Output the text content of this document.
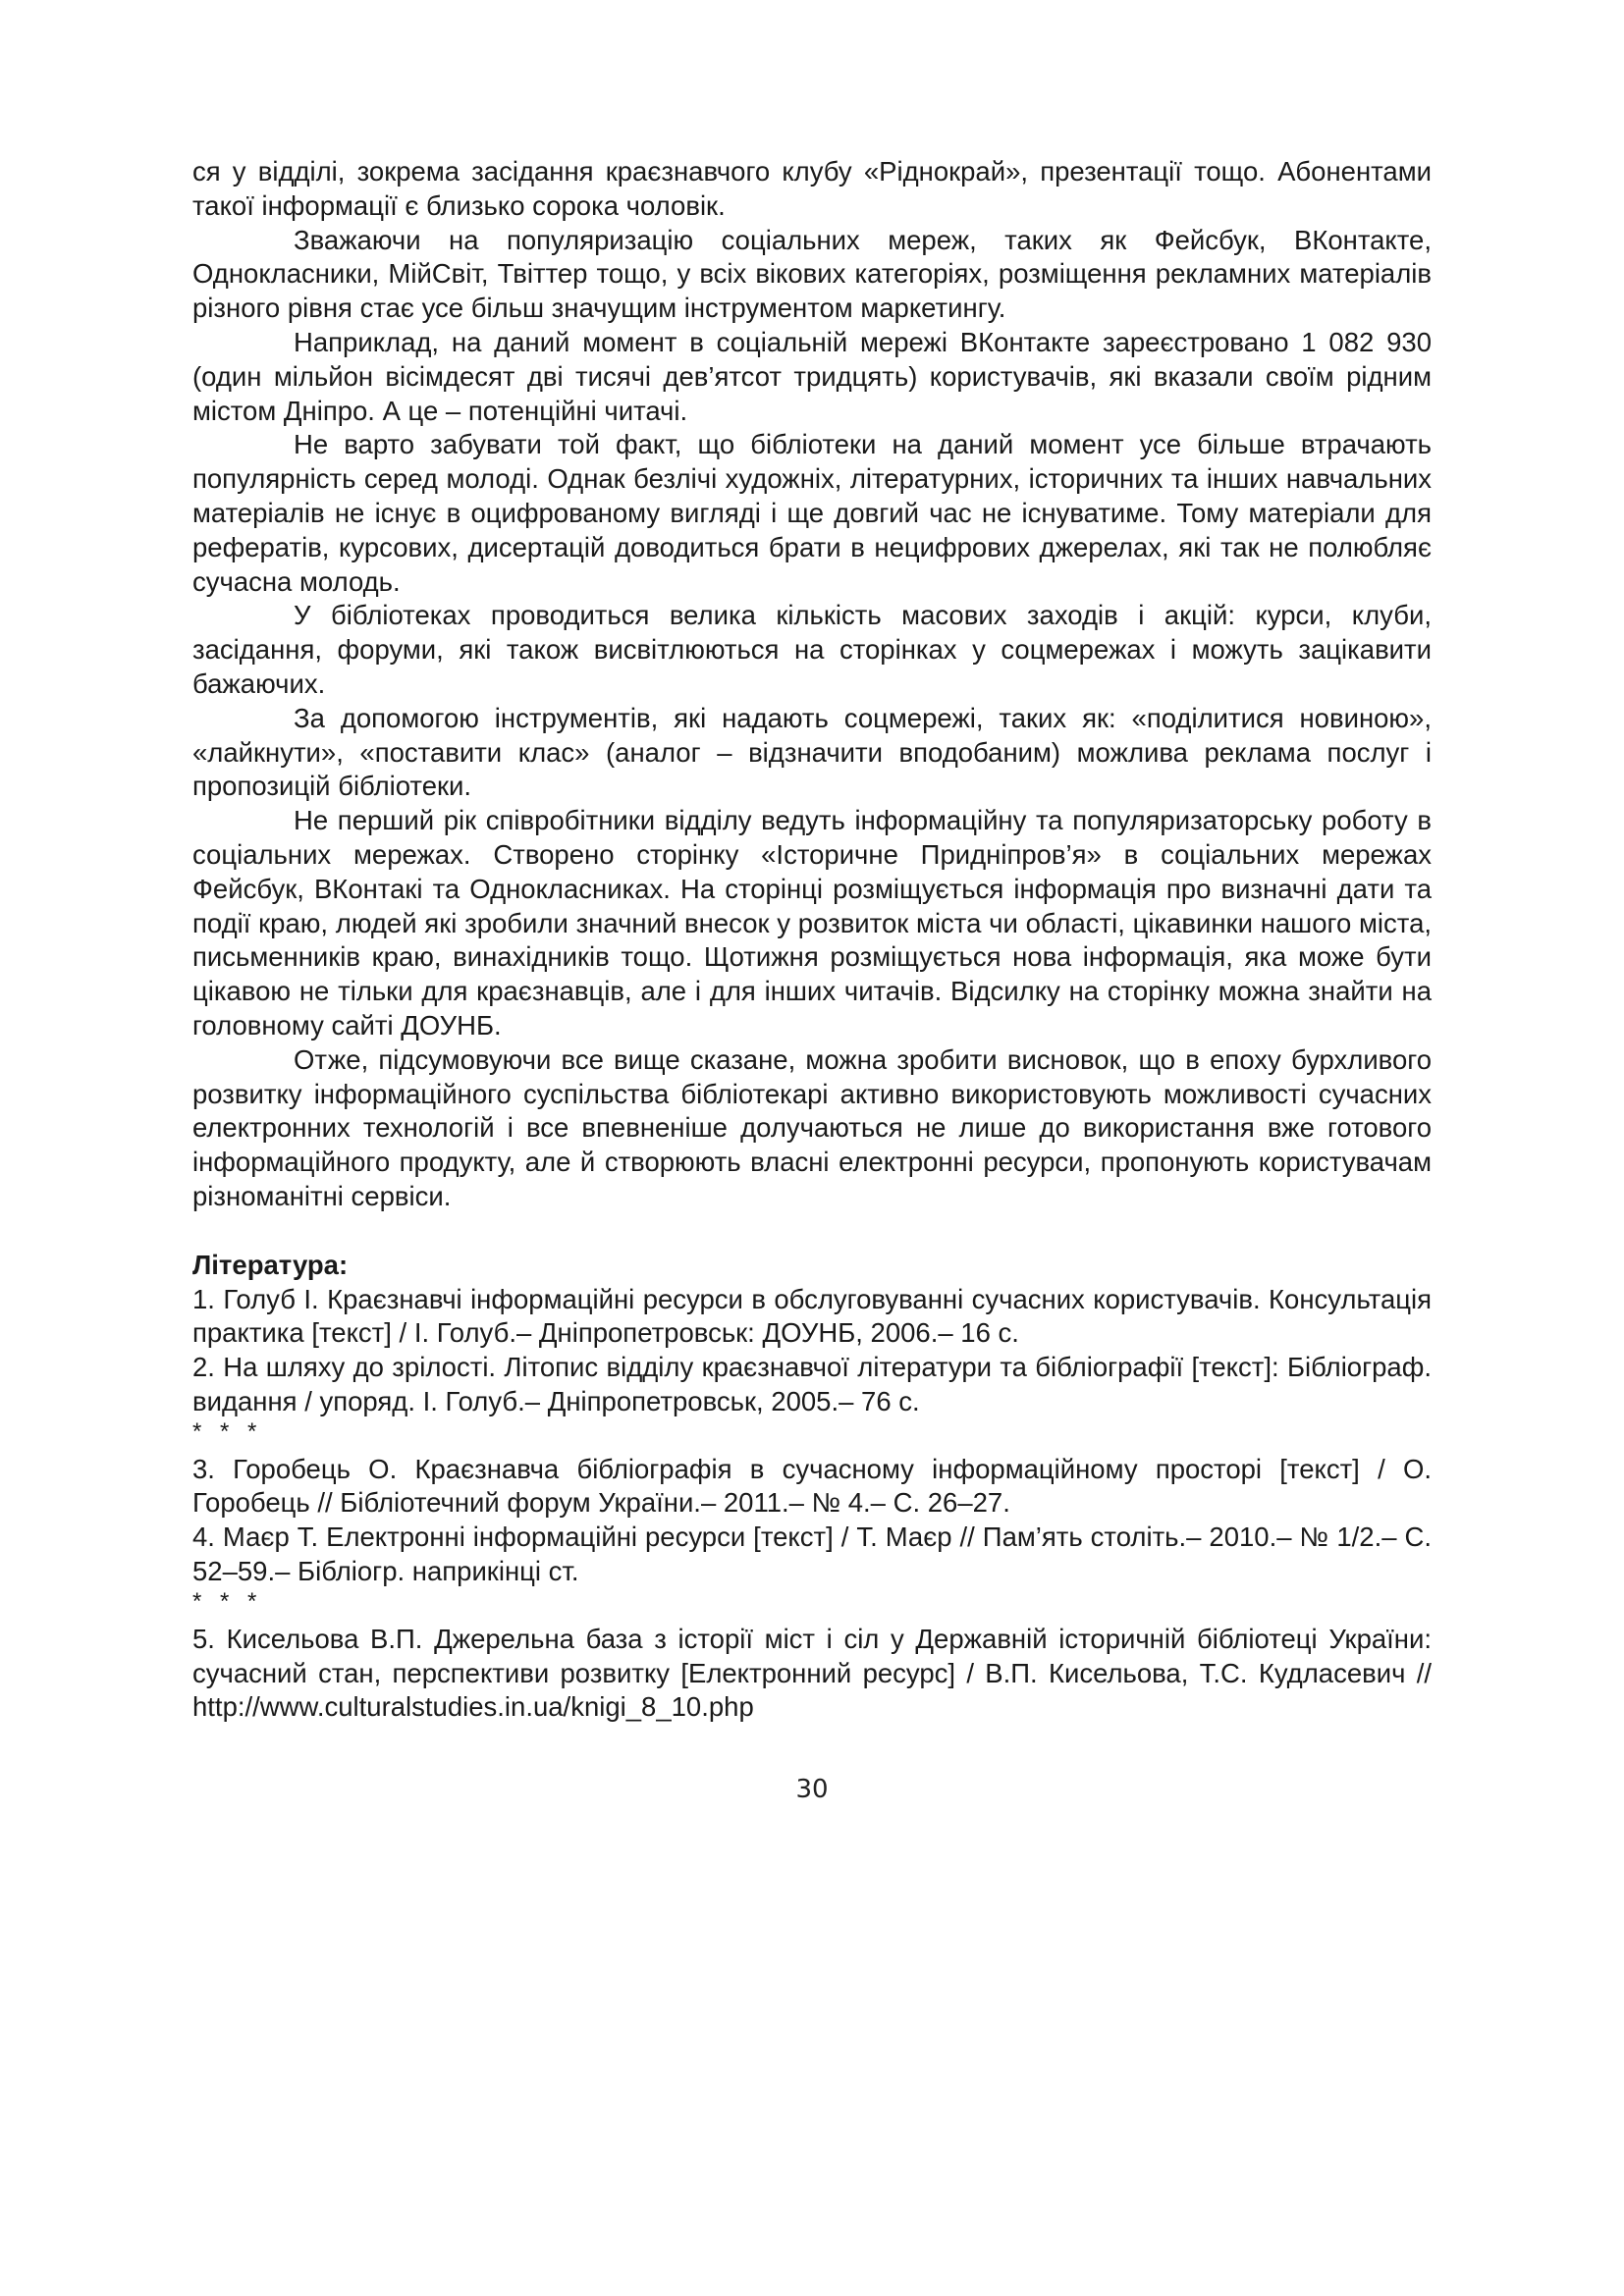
ся у відділі, зокрема засідання краєзнавчого клубу «Ріднокрай», презентації тощо. Абонентами такої інформації є близько сорока чоловік.

Зважаючи на популяризацію соціальних мереж, таких як Фейсбук, ВКонтакте, Однокласники, МійСвіт, Твіттер тощо, у всіх вікових категоріях, розміщення рекламних матеріалів різного рівня стає усе більш значущим інструментом маркетингу.

Наприклад, на даний момент в соціальній мережі ВКонтакте зареєстровано 1 082 930 (один мільйон вісімдесят дві тисячі дев’ятсот тридцять) користувачів, які вказали своїм рідним містом Дніпро. А це – потенційні читачі.

Не варто забувати той факт, що бібліотеки на даний момент усе більше втрачають популярність серед молоді. Однак безлічі художніх, літературних, історичних та інших навчальних матеріалів не існує в оцифрованому вигляді і ще довгий час не існуватиме. Тому матеріали для рефератів, курсових, дисертацій доводиться брати в нецифрових джерелах, які так не полюбляє сучасна молодь.

У бібліотеках проводиться велика кількість масових заходів і акцій: курси, клуби, засідання, форуми, які також висвітлюються на сторінках у соцмережах і можуть зацікавити бажаючих.

За допомогою інструментів, які надають соцмережі, таких як: «поділитися новиною», «лайкнути», «поставити клас» (аналог – відзначити вподобаним) можлива реклама послуг і пропозицій бібліотеки.

Не перший рік співробітники відділу ведуть інформаційну та популяризаторську роботу в соціальних мережах. Створено сторінку «Історичне Придніпров’я» в соціальних мережах Фейсбук, ВКонтакі та Однокласниках. На сторінці розміщується інформація про визначні дати та події краю, людей які зробили значний внесок у розвиток міста чи області, цікавинки нашого міста, письменників краю, винахідників тощо. Щотижня розміщується нова інформація, яка може бути цікавою не тільки для краєзнавців, але і для інших читачів. Відсилку на сторінку можна знайти на головному сайті ДОУНБ.

Отже, підсумовуючи все вище сказане, можна зробити висновок, що в епоху бурхливого розвитку інформаційного суспільства бібліотекарі активно використовують можливості сучасних електронних технологій і все впевненіше долучаються не лише до використання вже готового інформаційного продукту, але й створюють власні електронні ресурси, пропонують користувачам різноманітні сервіси.

Література:

1. Голуб І. Краєзнавчі інформаційні ресурси в обслуговуванні сучасних користувачів. Консультація практика [текст] / І. Голуб.– Дніпропетровськ: ДОУНБ, 2006.– 16 с.

2. На шляху до зрілості. Літопис відділу краєзнавчої літератури та бібліографії [текст]: Бібліограф. видання / упоряд. І. Голуб.– Дніпропетровськ, 2005.– 76 с.

* * *

3. Горобець О. Краєзнавча бібліографія в сучасному інформаційному просторі [текст] / О. Горобець // Бібліотечний форум України.– 2011.– № 4.– С. 26–27.

4. Маєр Т. Електронні інформаційні ресурси [текст] / Т. Маєр // Пам’ять століть.– 2010.– № 1/2.– С. 52–59.– Бібліогр. наприкінці ст.

* * *

5. Кисельова В.П. Джерельна база з історії міст і сіл у Державній історичній бібліотеці України: сучасний стан, перспективи розвитку [Електронний ресурс] / В.П. Кисельова, Т.С. Кудласевич // http://www.culturalstudies.in.ua/knigi_8_10.php

30
